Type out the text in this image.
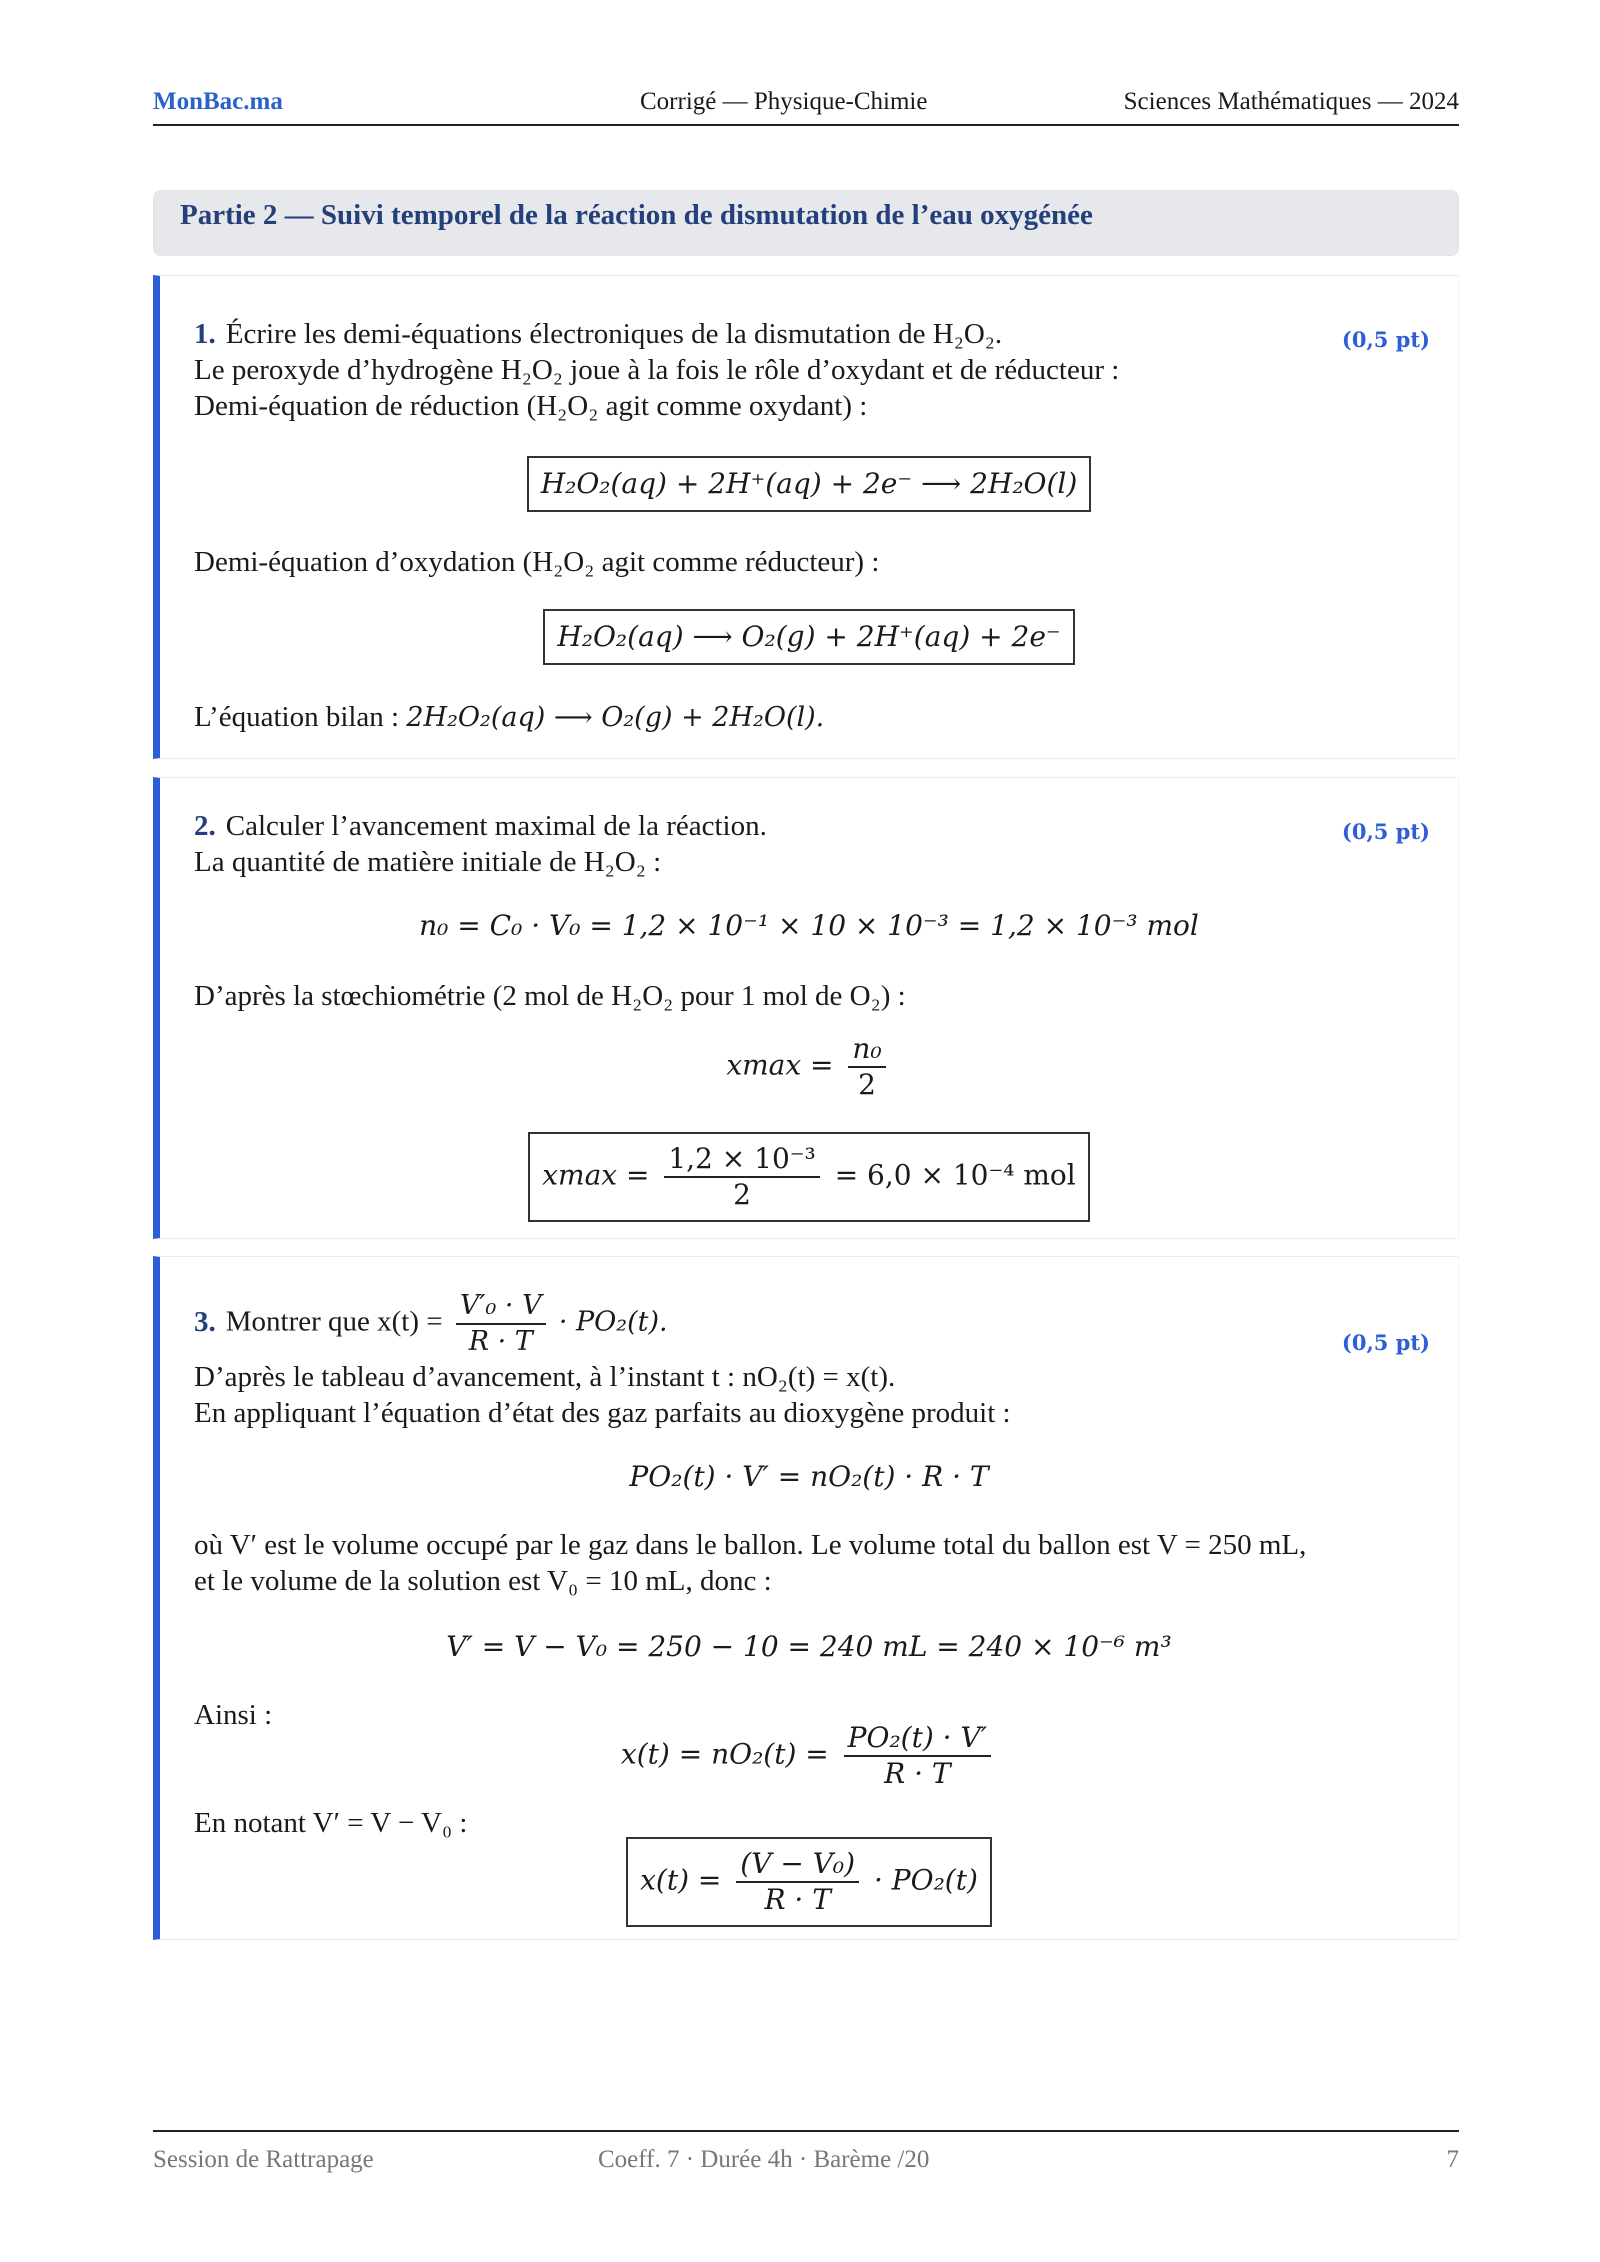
MonBac.ma	Corrigé — Physique-Chimie	Sciences Mathématiques — 2024
Partie 2 — Suivi temporel de la réaction de dismutation de l’eau oxygénée
1. Écrire les demi-équations électroniques de la dismutation de H₂O₂.	(0,5 pt)
Le peroxyde d’hydrogène H₂O₂ joue à la fois le rôle d’oxydant et de réducteur :
Demi-équation de réduction (H₂O₂ agit comme oxydant) :
H₂O₂(aq) + 2H⁺(aq) + 2e⁻ ⟶ 2H₂O(l)
Demi-équation d’oxydation (H₂O₂ agit comme réducteur) :
H₂O₂(aq) ⟶ O₂(g) + 2H⁺(aq) + 2e⁻
L’équation bilan : 2H₂O₂(aq) ⟶ O₂(g) + 2H₂O(l).
2. Calculer l’avancement maximal de la réaction.	(0,5 pt)
La quantité de matière initiale de H₂O₂ :
n₀ = C₀ · V₀ = 1,2 × 10⁻¹ × 10 × 10⁻³ = 1,2 × 10⁻³ mol
D’après la stœchiométrie (2 mol de H₂O₂ pour 1 mol de O₂) :
$xmax = \frac{\text{n₀}}{2}$
$xmax = \frac{\text{1,2 × 10⁻³}}{2} = 6,0 \times 10^{-4}$ mol
3. Montrer que $x(t) = \frac{\text{V′₀ · V}}{R \cdot T} \cdot PO_2(t)$.
(0,5 pt)
D’après le tableau d’avancement, à l’instant t : nO₂(t) = x(t).
En appliquant l’équation d’état des gaz parfaits au dioxygène produit :
PO₂(t) · V′ = nO₂(t) · R · T
où V′ est le volume occupé par le gaz dans le ballon. Le volume total du ballon est V = 250 mL,
et le volume de la solution est V₀ = 10 mL, donc :
V′ = V − V₀ = 250 − 10 = 240 mL = 240 × 10⁻⁶ m³
Ainsi :
$x(t) = nO_2(t) = \frac{\text{PO₂(t) · V′}}{R \cdot T}$
En notant V′ = V − V₀ :
$x(t) = \frac{\text{(V − V₀)}}{R \cdot T} \cdot PO_2(t)$
Session de Rattrapage	Coeff. 7 · Durée 4h · Barème /20	7
